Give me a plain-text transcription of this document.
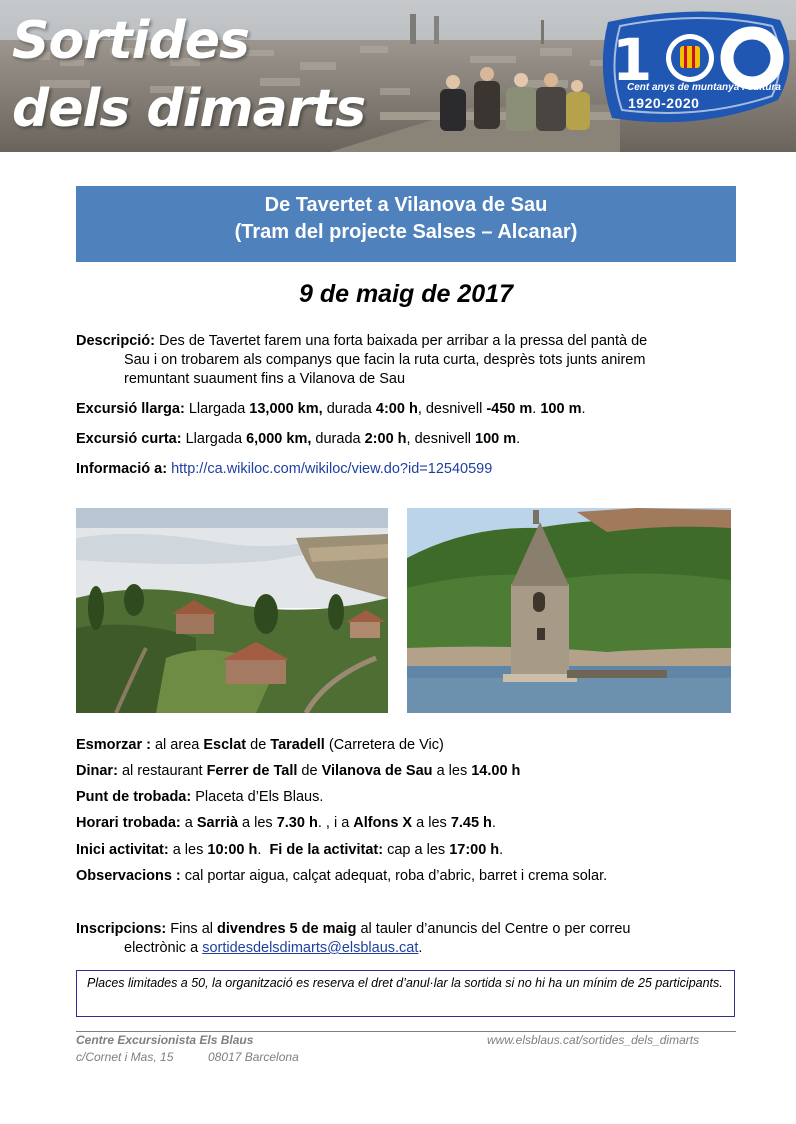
1
Sortides
dels dimarts	Cent anys de muntanya i cultura
1920-2020
De Tavertet a Vilanova de Sau
(Tram del projecte Salses – Alcanar)
9 de maig de 2017
Descripció: Des de Tavertet farem una forta baixada per arribar a la pressa del pantà de
Sau i on trobarem als companys que facin la ruta curta, desprès tots junts anirem
remuntant suaument fins a Vilanova de Sau
Excursió llarga: Llargada 13,000 km, durada 4:00 h, desnivell -450 m. 100 m.
Excursió curta: Llargada 6,000 km, durada 2:00 h, desnivell 100 m.
Informació a: http://ca.wikiloc.com/wikiloc/view.do?id=12540599
Esmorzar : al area Esclat de Taradell (Carretera de Vic)
Dinar: al restaurant Ferrer de Tall de Vilanova de Sau a les 14.00 h
Punt de trobada: Placeta d’Els Blaus.
Horari trobada: a Sarrià a les 7.30 h. , i a Alfons X a les 7.45 h.
Inici activitat: a les 10:00 h. Fi de la activitat: cap a les 17:00 h.
Observacions : cal portar aigua, calçat adequat, roba d’abric, barret i crema solar.
Inscripcions: Fins al divendres 5 de maig al tauler d’anuncis del Centre o per correu
electrònic a sortidesdelsdimarts@elsblaus.cat.
Places limitades a 50, la organització es reserva el dret d’anul·lar la sortida si no hi ha un mínim de 25 participants.
Centre Excursionista Els Blaus
c/Cornet i Mas, 15	08017 Barcelona
www.elsblaus.cat/sortides_dels_dimarts
